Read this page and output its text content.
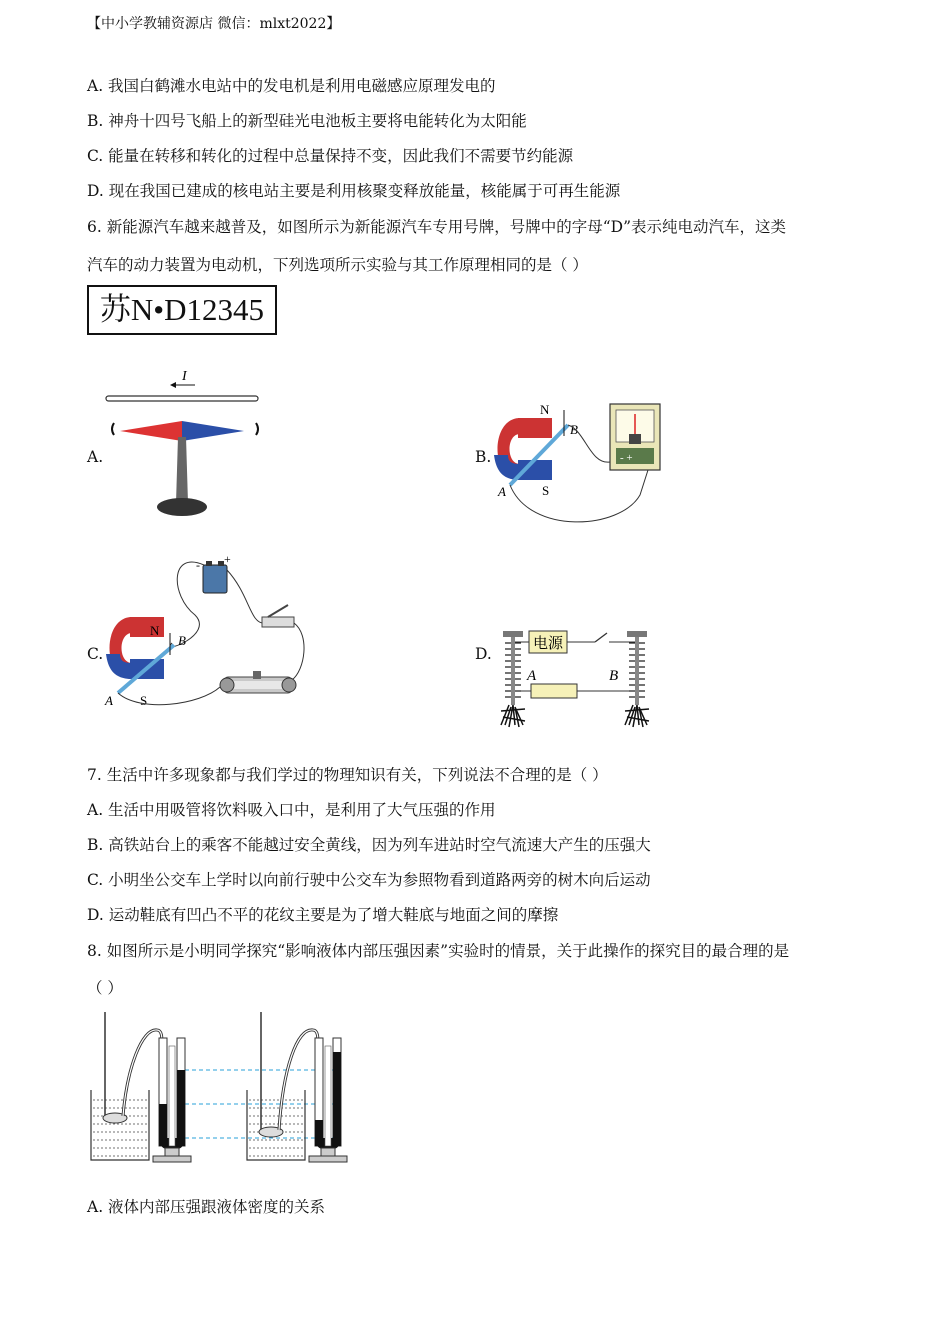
【中小学教辅资源店 微信：mlxt2022】
A. 我国白鹤滩水电站中的发电机是利用电磁感应原理发电的
B. 神舟十四号飞船上的新型硅光电池板主要将电能转化为太阳能
C. 能量在转移和转化的过程中总量保持不变，因此我们不需要节约能源
D. 现在我国已建成的核电站主要是利用核聚变释放能量，核能属于可再生能源
6. 新能源汽车越来越普及，如图所示为新能源汽车专用号牌，号牌中的字母“D”表示纯电动汽车，这类
汽车的动力装置为电动机，下列选项所示实验与其工作原理相同的是（ ）
苏N•D12345
A.
I
B.
N
S
A
B
- +
C.
+
-
N
S
A
B
D.
电源
A	B
7. 生活中许多现象都与我们学过的物理知识有关，下列说法不合理的是（ ）
A. 生活中用吸管将饮料吸入口中，是利用了大气压强的作用
B. 高铁站台上的乘客不能越过安全黄线，因为列车进站时空气流速大产生的压强大
C. 小明坐公交车上学时以向前行驶中公交车为参照物看到道路两旁的树木向后运动
D. 运动鞋底有凹凸不平的花纹主要是为了增大鞋底与地面之间的摩擦
8. 如图所示是小明同学探究“影响液体内部压强因素”实验时的情景，关于此操作的探究目的最合理的是
（ ）
A. 液体内部压强跟液体密度的关系
